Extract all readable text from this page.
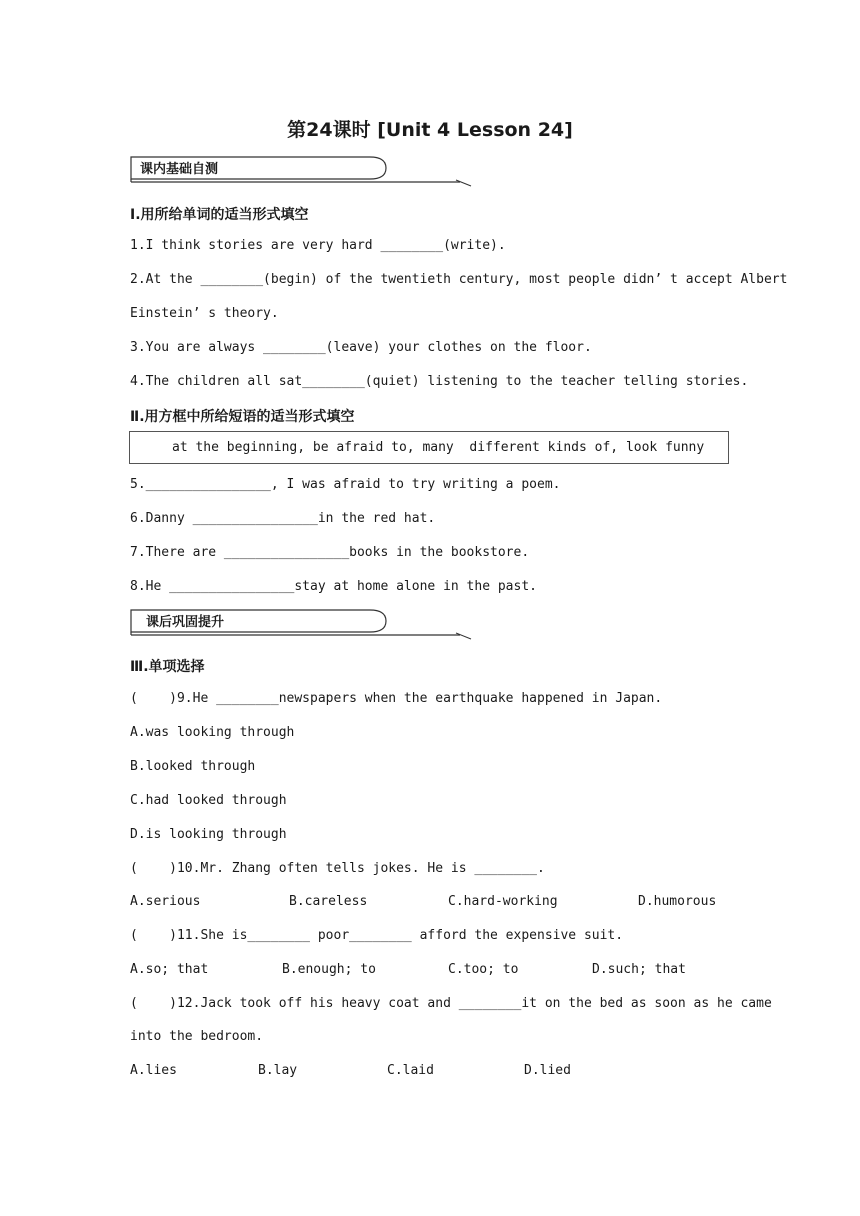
第24课时 [Unit 4 Lesson 24]
课内基础自测
Ⅰ.用所给单词的适当形式填空
1.I think stories are very hard ________(write).
2.At the ________(begin) of the twentieth century, most people didn’ t accept Albert
Einstein’ s theory.
3.You are always ________(leave) your clothes on the floor.
4.The children all sat________(quiet) listening to the teacher telling stories.
Ⅱ.用方框中所给短语的适当形式填空
at the beginning, be afraid to, many  different kinds of, look funny
5.________________, I was afraid to try writing a poem.
6.Danny ________________in the red hat.
7.There are ________________books in the bookstore.
8.He ________________stay at home alone in the past.
课后巩固提升
Ⅲ.单项选择
(    )9.He ________newspapers when the earthquake happened in Japan.
A.was looking through
B.looked through
C.had looked through
D.is looking through
(    )10.Mr. Zhang often tells jokes. He is ________.
A.serious	B.careless	C.hard-working	D.humorous
(    )11.She is________ poor________ afford the expensive suit.
A.so; that	B.enough; to	C.too; to	D.such; that
(    )12.Jack took off his heavy coat and ________it on the bed as soon as he came
into the bedroom.
A.lies	B.lay	C.laid	D.lied
